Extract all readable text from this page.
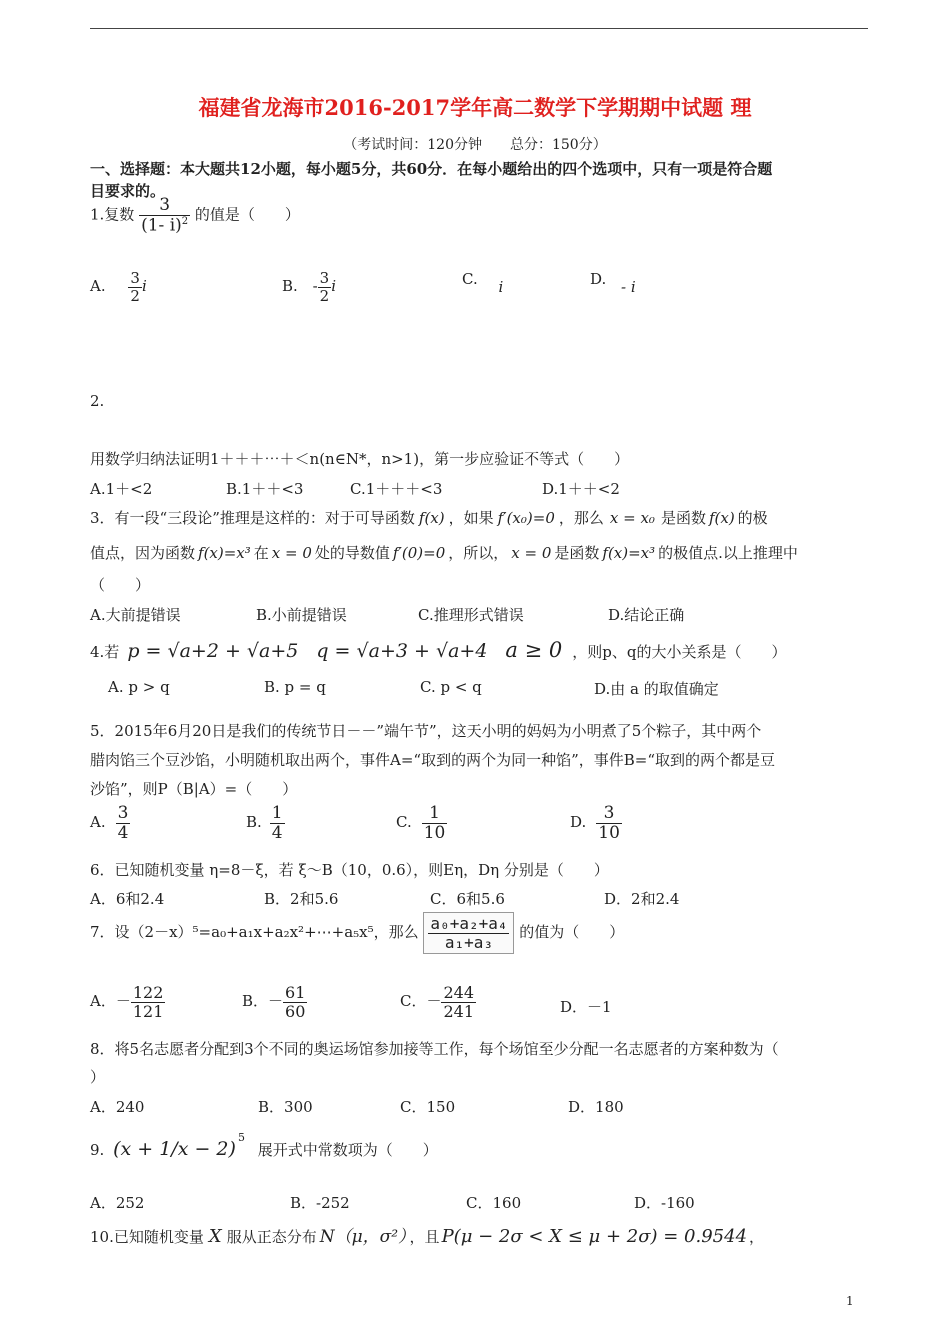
福建省龙海市2016-2017学年高二数学下学期期中试题 理
（考试时间：120分钟　　总分：150分）
一、选择题：本大题共12小题，每小题5分，共60分．在每小题给出的四个选项中，只有一项是符合题
目要求的。
1.复数 $\frac{3}{(1- i)^2}$ 的值是（　　）
A. $\frac{3}{2}$ i	B. - $\frac{3}{2}$ i	C. i	D. - i
2.
用数学归纳法证明1＋＋＋⋯＋＜n(n∈N*，n>1)，第一步应验证不等式（　　）
A.1＋<2	B.1＋＋<3	C.1＋＋＋<3	D.1＋＋<2
3．有一段“三段论”推理是这样的：对于可导函数 f(x) ，如果 f′(x₀)=0 ，那么 x = x₀ 是函数 f(x) 的极
值点，因为函数 f(x)=x³ 在 x = 0 处的导数值 f′(0)=0 ，所以， x = 0 是函数 f(x)=x³ 的极值点.以上推理中
（　　）
A.大前提错误	B.小前提错误	C.推理形式错误	D.结论正确
4.若 p = √a+2 + √a+5 q = √a+3 + √a+4 a ≥ 0 ，则p、q的大小关系是（　　）
A. p > q	B. p = q	C. p < q	D.由 a 的取值确定
5．2015年6月20日是我们的传统节日－－”端午节”，这天小明的妈妈为小明煮了5个粽子，其中两个
腊肉馅三个豆沙馅，小明随机取出两个，事件A=“取到的两个为同一种馅”，事件B=“取到的两个都是豆
沙馅”，则P（B|A）=（　　）
A. $\frac{3}{4}$	B. $\frac{1}{4}$	C. $\frac{1}{10}$	D. $\frac{3}{10}$
6．已知随机变量 η=8－ξ，若 ξ～B（10，0.6），则Eη，Dη 分别是（　　）
A．6和2.4	B．2和5.6	C．6和5.6	D．2和2.4
7．设（2－x）⁵=a₀+a₁x+a₂x²+⋯+a₅x⁵，那么 $\frac{\text{a₀+a₂+a₄}}{\text{a₁+a₃}}$ 的值为（　　）
A．－ $\frac{122}{121}$	B．－ $\frac{61}{60}$	C．－ $\frac{244}{241}$	D．－1
8．将5名志愿者分配到3个不同的奥运场馆参加接等工作，每个场馆至少分配一名志愿者的方案种数为（
）
A．240	B．300	C．150	D．180
9. $(x + 1/x - 2)^5$ 展开式中常数项为（　　）
A．252	B．-252	C．160	D．-160
10.已知随机变量 X 服从正态分布 N（μ，σ²） ，且 P(μ − 2σ < X ≤ μ + 2σ) = 0.9544 ，
1
